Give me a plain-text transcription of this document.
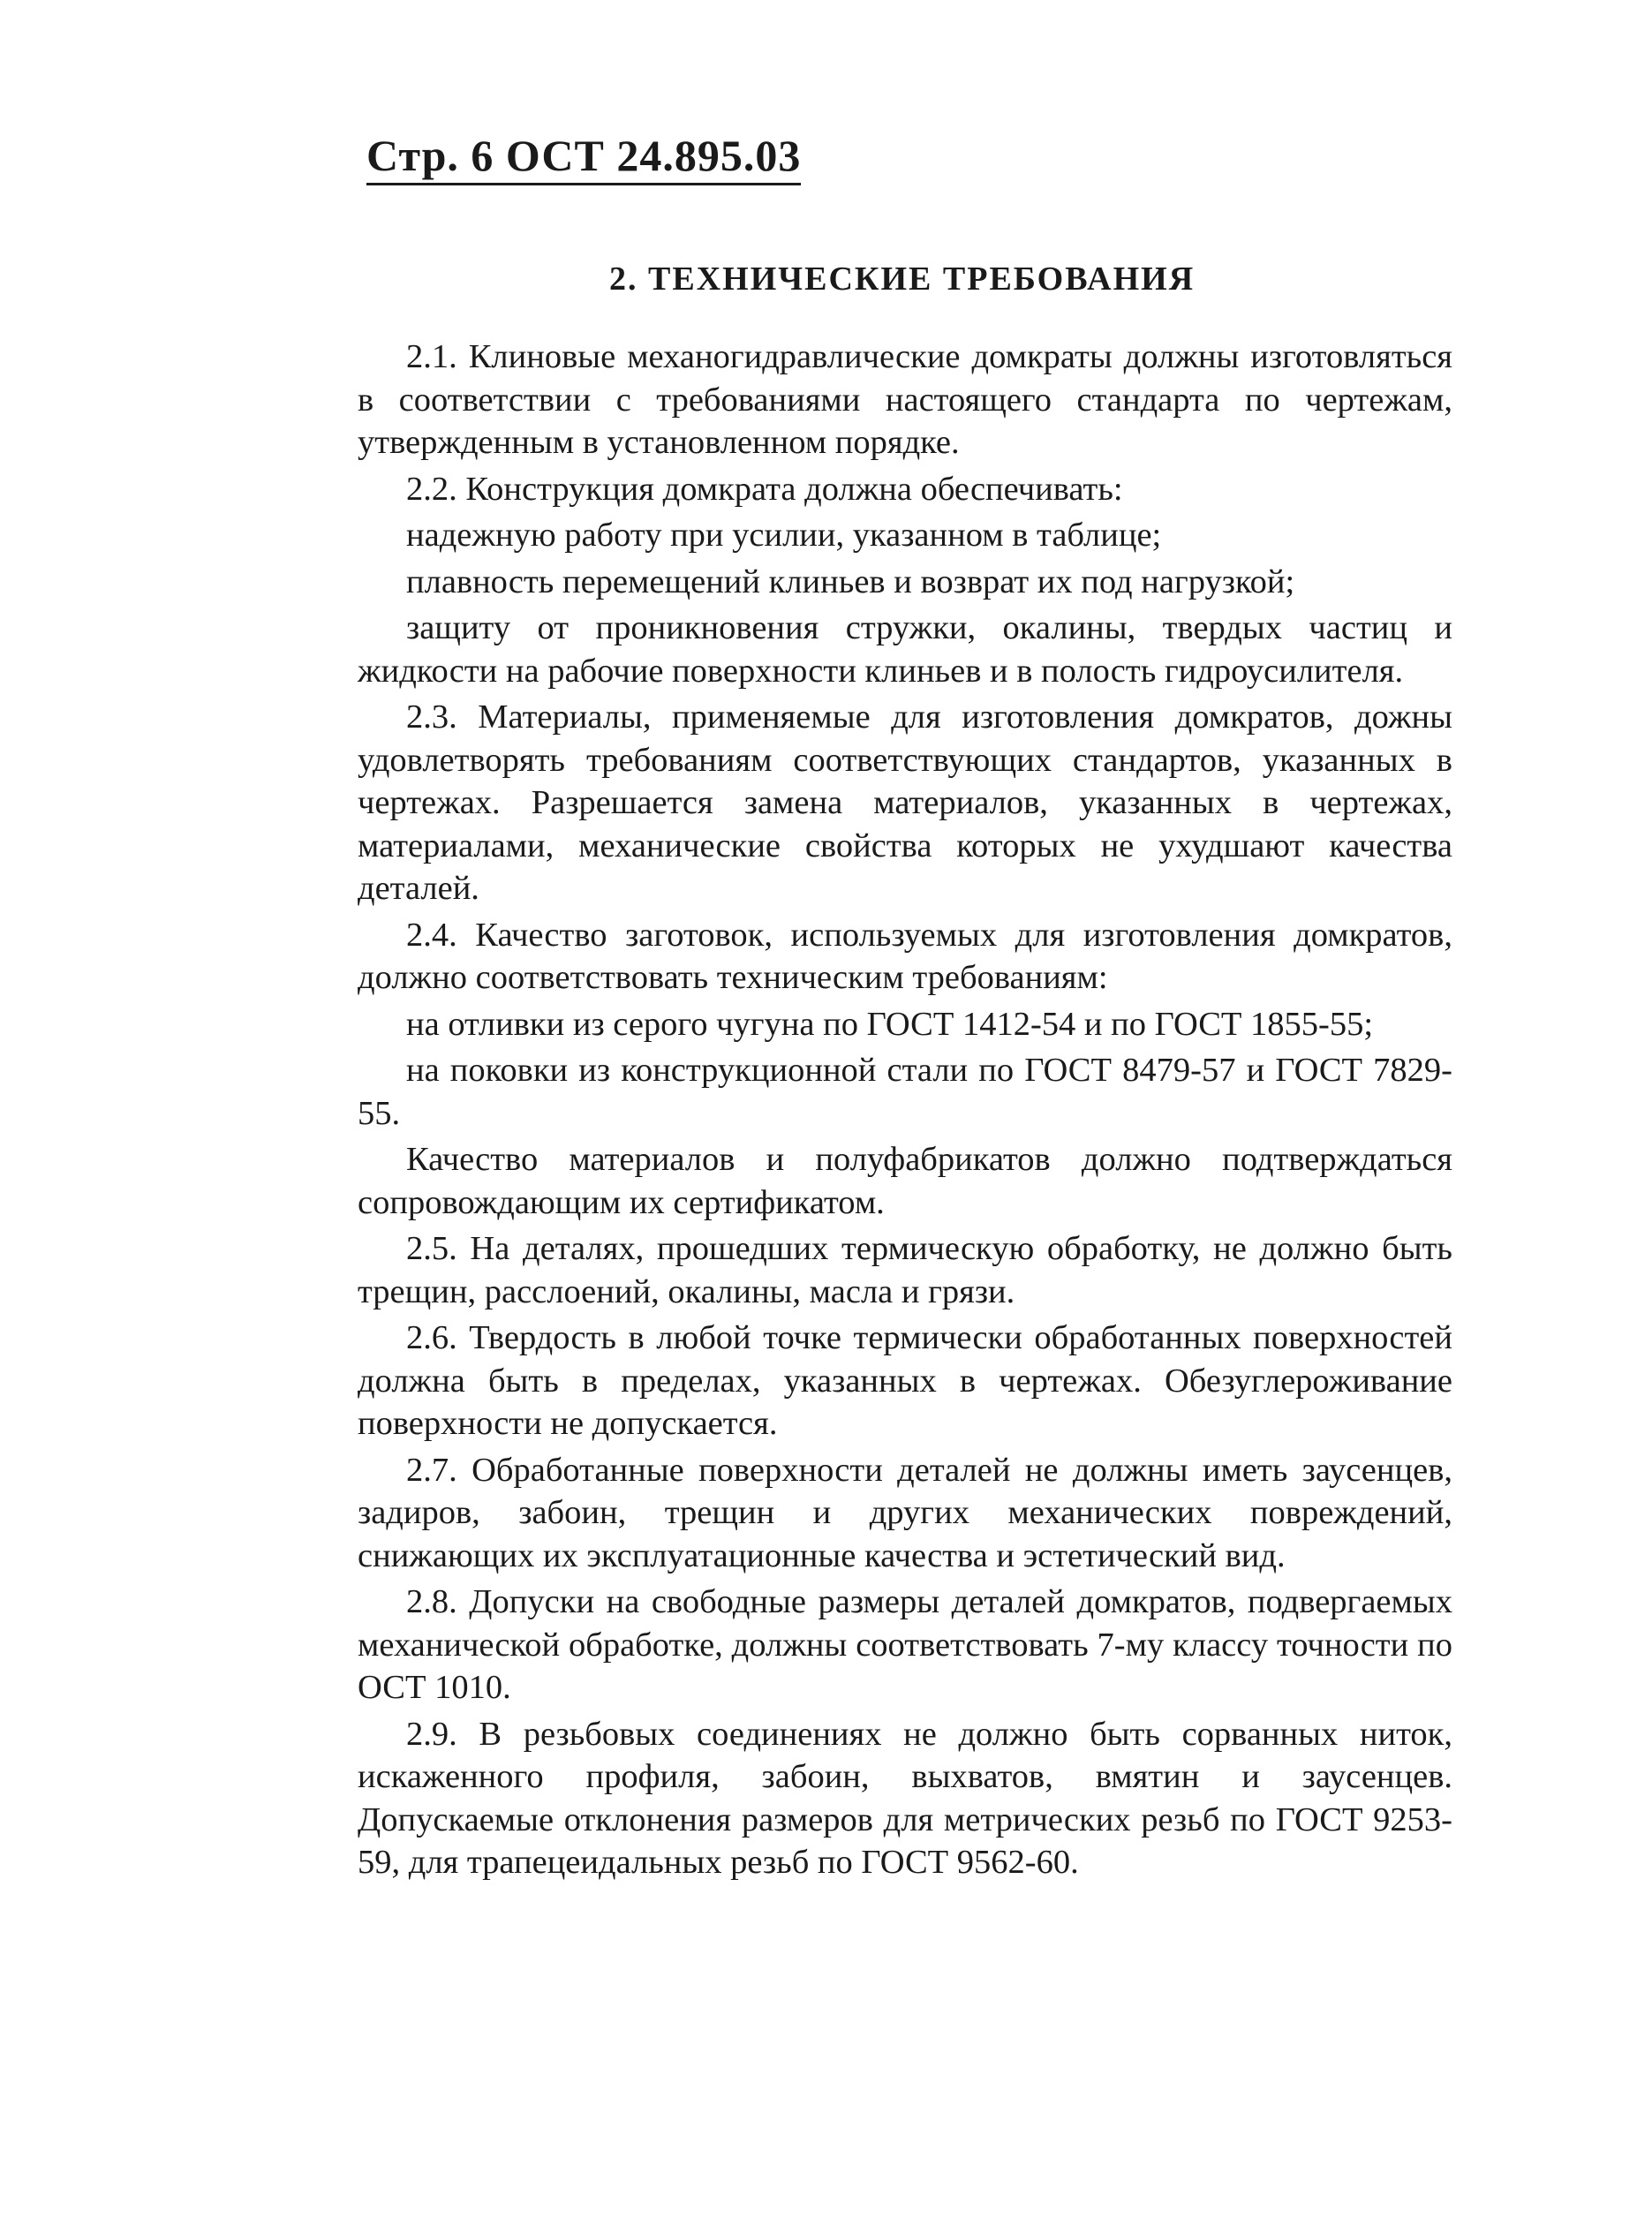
Стр. 6 ОСТ 24.895.03
2. ТЕХНИЧЕСКИЕ ТРЕБОВАНИЯ

2.1. Клиновые механогидравлические домкраты должны изготовляться в соответствии с требованиями настоящего стандарта по чертежам, утвержденным в установленном порядке.

2.2. Конструкция домкрата должна обеспечивать:

надежную работу при усилии, указанном в таблице;

плавность перемещений клиньев и возврат их под нагрузкой;

защиту от проникновения стружки, окалины, твердых частиц и жидкости на рабочие поверхности клиньев и в полость гидроусилителя.

2.3. Материалы, применяемые для изготовления домкратов, дожны удовлетворять требованиям соответствующих стандартов, указанных в чертежах. Разрешается замена материалов, указанных в чертежах, материалами, механические свойства которых не ухудшают качества деталей.

2.4. Качество заготовок, используемых для изготовления домкратов, должно соответствовать техническим требованиям:

на отливки из серого чугуна по ГОСТ 1412-54 и по ГОСТ 1855-55;

на поковки из конструкционной стали по ГОСТ 8479-57 и ГОСТ 7829-55.

Качество материалов и полуфабрикатов должно подтверждаться сопровождающим их сертификатом.

2.5. На деталях, прошедших термическую обработку, не должно быть трещин, расслоений, окалины, масла и грязи.

2.6. Твердость в любой точке термически обработанных поверхностей должна быть в пределах, указанных в чертежах. Обезуглероживание поверхности не допускается.

2.7. Обработанные поверхности деталей не должны иметь заусенцев, задиров, забоин, трещин и других механических повреждений, снижающих их эксплуатационные качества и эстетический вид.

2.8. Допуски на свободные размеры деталей домкратов, подвергаемых механической обработке, должны соответствовать 7-му классу точности по ОСТ 1010.

2.9. В резьбовых соединениях не должно быть сорванных ниток, искаженного профиля, забоин, выхватов, вмятин и заусенцев. Допускаемые отклонения размеров для метрических резьб по ГОСТ 9253-59, для трапецеидальных резьб по ГОСТ 9562-60.
